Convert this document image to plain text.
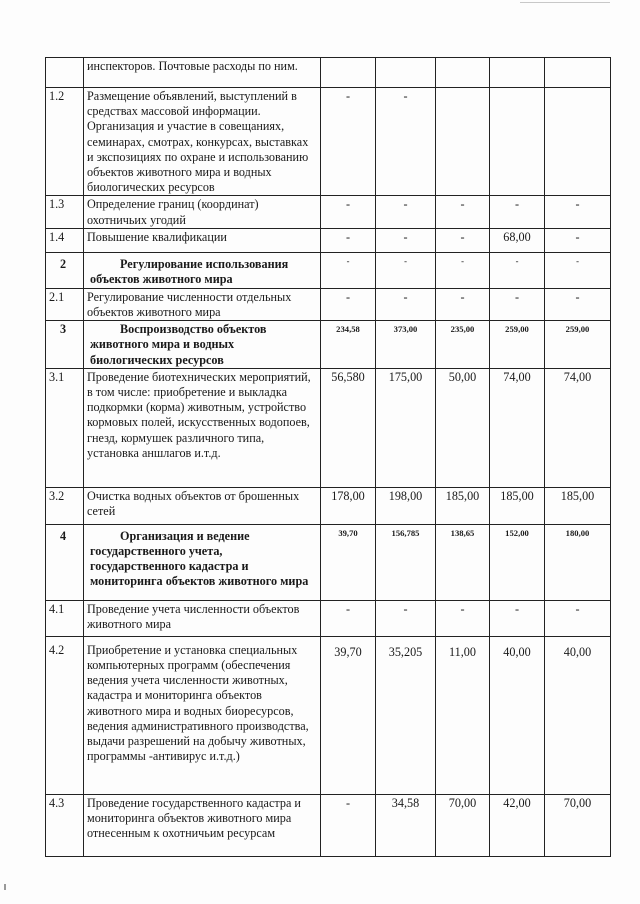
	инспекторов. Почтовые расходы по ним.					
1.2	Размещение объявлений, выступлений в средствах массовой информации. Организация и участие в совещаниях, семинарах, смотрах, конкурсах, выставках и экспозициях по охране и использованию объектов животного мира и водных биологических ресурсов	-	-			
1.3	Определение границ (координат) охотничьих угодий	-	-	-	-	-
1.4	Повышение квалификации	-	-	-	68,00	-
2	Регулирование использования объектов животного мира	-	-	-	-	-
2.1	Регулирование численности отдельных объектов животного мира	-	-	-	-	-
3	Воспроизводство объектов животного мира и водных биологических ресурсов	234,58	373,00	235,00	259,00	259,00
3.1	Проведение биотехнических мероприятий, в том числе: приобретение и выкладка подкормки (корма) животным, устройство кормовых полей, искусственных водопоев, гнезд, кормушек различного типа, установка аншлагов и.т.д.	56,580	175,00	50,00	74,00	74,00
3.2	Очистка водных объектов от брошенных сетей	178,00	198,00	185,00	185,00	185,00
4	Организация и ведение государственного учета, государственного кадастра и мониторинга объектов животного мира	39,70	156,785	138,65	152,00	180,00
4.1	Проведение учета численности объектов животного мира	-	-	-	-	-
4.2	Приобретение и установка специальных компьютерных программ (обеспечения ведения учета численности животных, кадастра и мониторинга объектов животного мира и водных биоресурсов, ведения административного производства, выдачи разрешений на добычу животных, программы -антивирус и.т.д.)	39,70	35,205	11,00	40,00	40,00
4.3	Проведение государственного кадастра и мониторинга объектов животного мира отнесенным к охотничьим ресурсам	-	34,58	70,00	42,00	70,00
